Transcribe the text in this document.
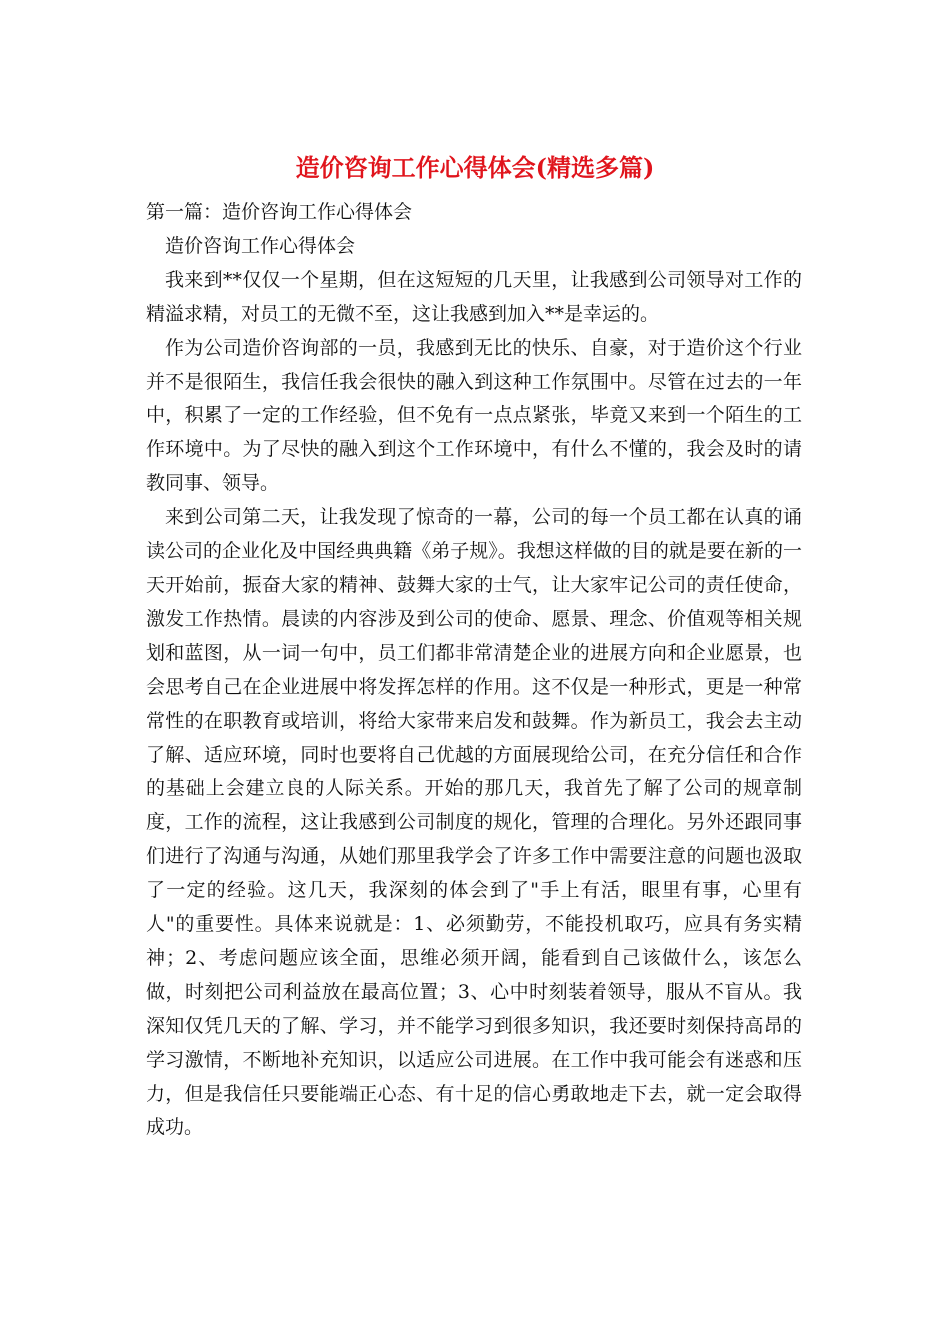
造价咨询工作心得体会(精选多篇)

第一篇：造价咨询工作心得体会

造价咨询工作心得体会

我来到**仅仅一个星期，但在这短短的几天里，让我感到公司领导对工作的精溢求精，对员工的无微不至，这让我感到加入**是幸运的。

作为公司造价咨询部的一员，我感到无比的快乐、自豪，对于造价这个行业并不是很陌生，我信任我会很快的融入到这种工作氛围中。尽管在过去的一年中，积累了一定的工作经验，但不免有一点点紧张，毕竟又来到一个陌生的工作环境中。为了尽快的融入到这个工作环境中，有什么不懂的，我会及时的请教同事、领导。

来到公司第二天，让我发现了惊奇的一幕，公司的每一个员工都在认真的诵读公司的企业化及中国经典典籍《弟子规》。我想这样做的目的就是要在新的一天开始前，振奋大家的精神、鼓舞大家的士气，让大家牢记公司的责任使命，激发工作热情。晨读的内容涉及到公司的使命、愿景、理念、价值观等相关规划和蓝图，从一词一句中，员工们都非常清楚企业的进展方向和企业愿景，也会思考自己在企业进展中将发挥怎样的作用。这不仅是一种形式，更是一种常常性的在职教育或培训，将给大家带来启发和鼓舞。作为新员工，我会去主动了解、适应环境，同时也要将自己优越的方面展现给公司，在充分信任和合作的基础上会建立良的人际关系。开始的那几天，我首先了解了公司的规章制度，工作的流程，这让我感到公司制度的规化，管理的合理化。另外还跟同事们进行了沟通与沟通，从她们那里我学会了许多工作中需要注意的问题也汲取了一定的经验。这几天，我深刻的体会到了"手上有活，眼里有事，心里有人"的重要性。具体来说就是：1、必须勤劳，不能投机取巧，应具有务实精神；2、考虑问题应该全面，思维必须开阔，能看到自己该做什么，该怎么做，时刻把公司利益放在最高位置；3、心中时刻装着领导，服从不盲从。我深知仅凭几天的了解、学习，并不能学习到很多知识，我还要时刻保持高昂的学习激情，不断地补充知识，以适应公司进展。在工作中我可能会有迷惑和压力，但是我信任只要能端正心态、有十足的信心勇敢地走下去，就一定会取得成功。
